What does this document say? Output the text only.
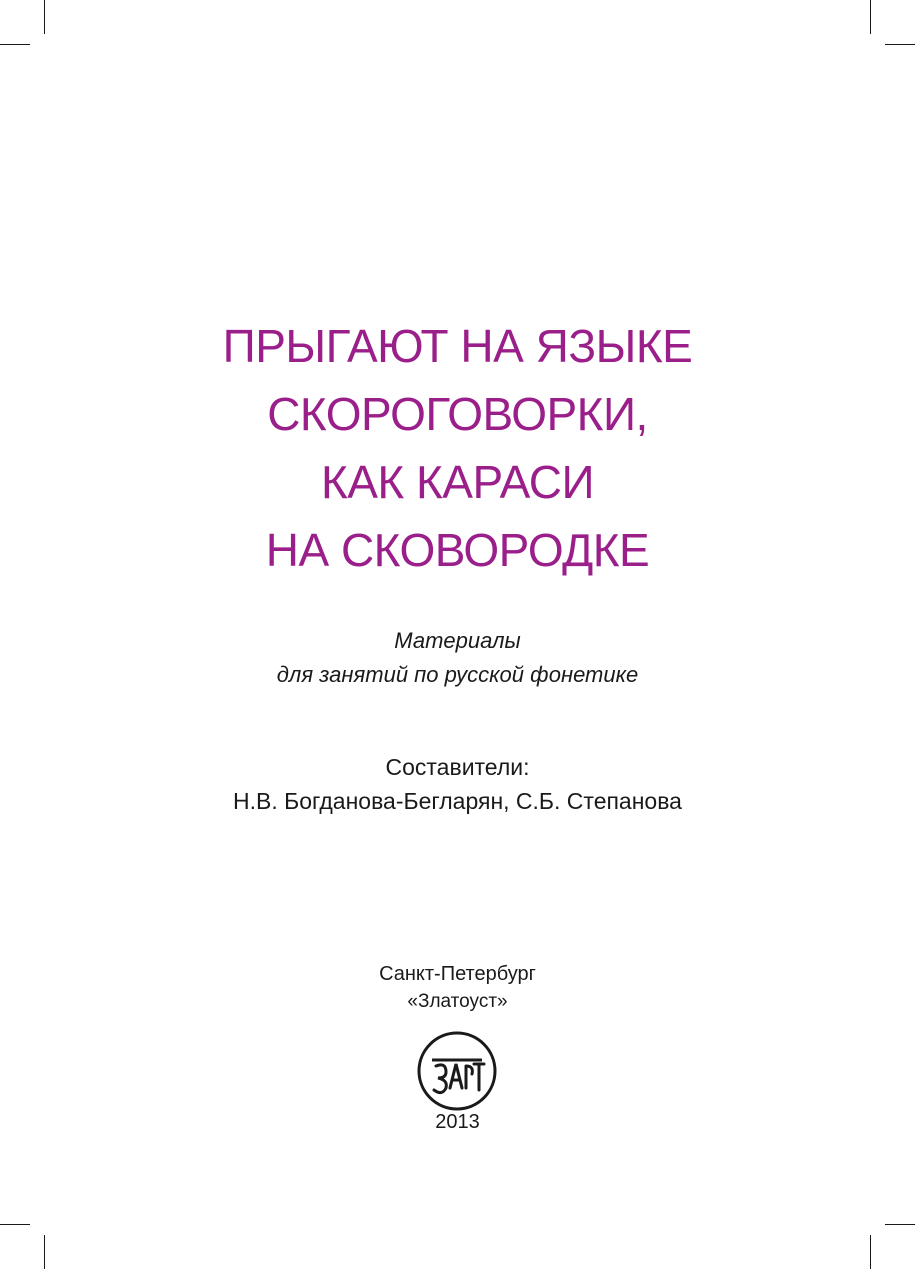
ПРЫГАЮТ НА ЯЗЫКЕ
СКОРОГОВОРКИ,
КАК КАРАСИ
НА СКОВОРОДКЕ
Материалы
для занятий по русской фонетике
Составители:
Н.В. Богданова-Бегларян, С.Б. Степанова
Санкт-Петербург
«Златоуст»
2013
